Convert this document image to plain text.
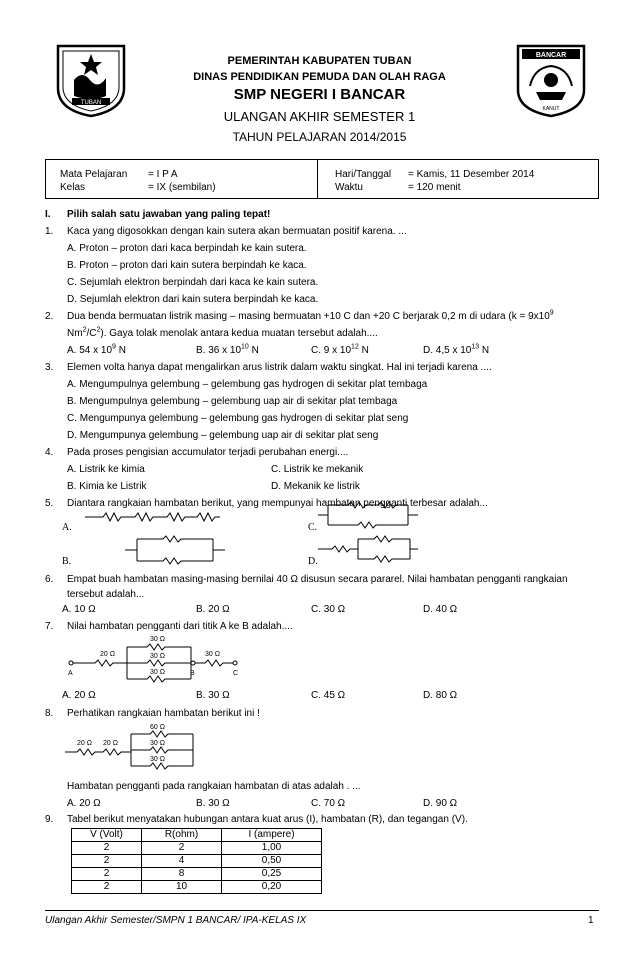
TUBAN
BANCAR
KANUT
PEMERINTAH KABUPATEN TUBAN
DINAS PENDIDIKAN PEMUDA DAN OLAH RAGA
SMP NEGERI I BANCAR
ULANGAN AKHIR SEMESTER 1
TAHUN PELAJARAN 2014/2015
Mata Pelajaran = I P A
Kelas	= IX (sembilan)
Hari/Tanggal = Kamis, 11 Desember 2014
Waktu	= 120 menit
I. Pilih salah satu jawaban yang paling tepat!
1. Kaca yang digosokkan dengan kain sutera akan bermuatan positif karena. ...
A. Proton – proton dari kaca berpindah ke kain sutera.
B. Proton – proton dari kain sutera berpindah ke kaca.
C. Sejumlah elektron berpindah dari kaca ke kain sutera.
D. Sejumlah elektron dari kain sutera berpindah ke kaca.
2. Dua benda bermuatan listrik masing – masing bermuatan +10 C dan +20 C berjarak 0,2 m di udara ($k = 9x10^9$
$Nm^2/C^2$). Gaya tolak menolak antara kedua muatan tersebut adalah....
A. 54 x $10^9$ N	B. 36 x $10^{10}$ N	C. 9 x $10^{12}$ N	D. 4,5 x $10^{13}$ N
3. Elemen volta hanya dapat mengalirkan arus listrik dalam waktu singkat. Hal ini terjadi karena ....
A. Mengumpulnya gelembung – gelembung gas hydrogen di sekitar plat tembaga
B. Mengumpulnya gelembung – gelembung uap air di sekitar plat tembaga
C. Mengumpunya gelembung – gelembung gas hydrogen di sekitar plat seng
D. Mengumpunya gelembung – gelembung uap air di sekitar plat seng
4. Pada proses pengisian accumulator terjadi perubahan energi....
A. Listrik ke kimia	C. Listrik ke mekanik
B. Kimia ke Listrik	D. Mekanik ke listrik
5. Diantara rangkaian hambatan berikut, yang mempunyai hambatan pengganti terbesar adalah...
A.
B.
C.
D.
6. Empat buah hambatan masing-masing bernilai 40 Ω disusun secara pararel. Nilai hambatan pengganti rangkaian
tersebut adalah...
A. 10 Ω	B. 20 Ω	C. 30 Ω	D. 40 Ω
7. Nilai hambatan pengganti dari titik A ke B adalah....
30 Ω
20 Ω	30 Ω
30 Ω
30 Ω
A	B	C
A. 20 Ω	B. 30 Ω	C. 45 Ω	D. 80 Ω
8. Perhatikan rangkaian hambatan berikut ini !
60 Ω
20 Ω 20 Ω	30 Ω
30 Ω
Hambatan pengganti pada rangkaian hambatan di atas adalah . ...
A. 20 Ω	B. 30 Ω	C. 70 Ω	D. 90 Ω
9. Tabel berikut menyatakan hubungan antara kuat arus (I), hambatan (R), dan tegangan (V).
V (Volt)	R(ohm)	I (ampere)
2	2	1,00
2	4	0,50
2	8	0,25
2	10	0,20
Ulangan Akhir Semester/SMPN 1 BANCAR/ IPA-KELAS IX	1
